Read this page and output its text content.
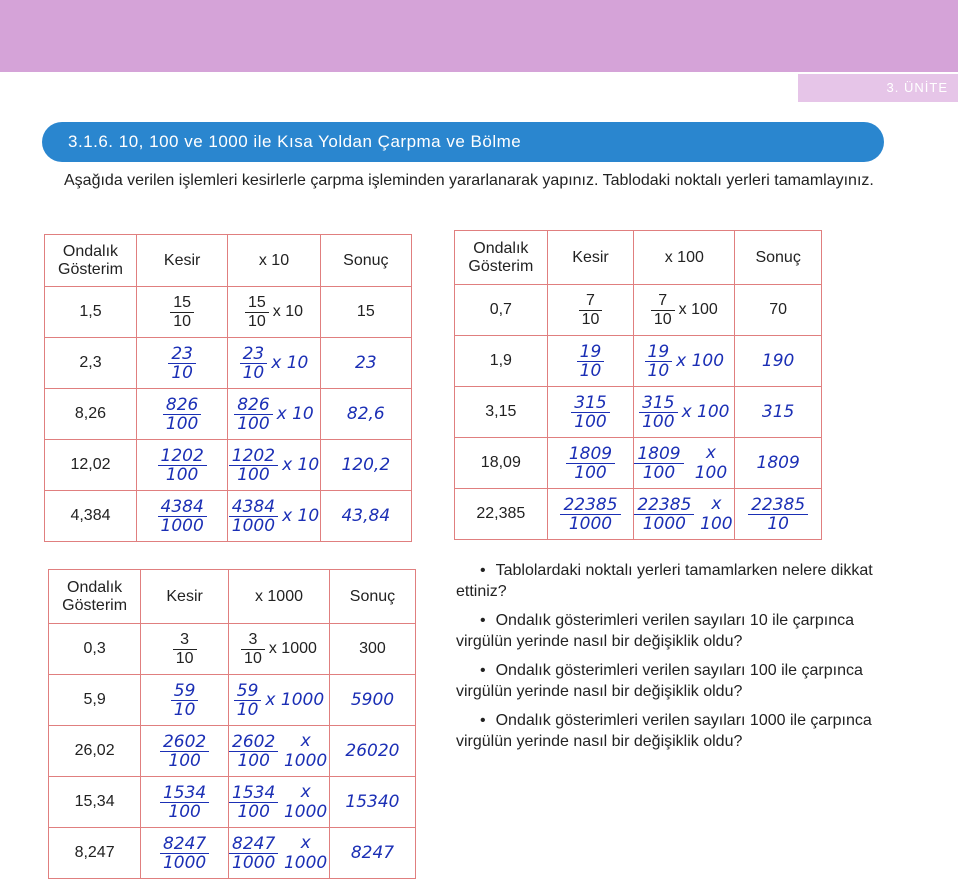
3. ÜNİTE
3.1.6. 10, 100 ve 1000 ile Kısa Yoldan Çarpma ve Bölme
Aşağıda verilen işlemleri kesirlerle çarpma işleminden yararlanarak yapınız. Tablodaki noktalı yerleri tamamlayınız.
Ondalık Gösterim	Kesir	x 10	Sonuç
1,5	$\frac{15}{10}$	$\frac{15}{10}$ x 10	15
2,3	$\frac{23}{10}$	$\frac{23}{10}$ x 10	23
8,26	$\frac{826}{100}$	$\frac{826}{100}$ x 10	82,6
12,02	$\frac{1202}{100}$	$\frac{1202}{100}$ x 10	120,2
4,384	$\frac{4384}{1000}$	$\frac{4384}{1000}$ x 10	43,84
Ondalık Gösterim	Kesir	x 100	Sonuç
0,7	$\frac{7}{10}$	$\frac{7}{10}$ x 100	70
1,9	$\frac{19}{10}$	$\frac{19}{10}$ x 100	190
3,15	$\frac{315}{100}$	$\frac{315}{100}$ x 100	315
18,09	$\frac{1809}{100}$	$\frac{1809}{100}$ x 100	1809
22,385	$\frac{22385}{1000}$	$\frac{22385}{1000}$ x 100	$\frac{22385}{10}$
Ondalık Gösterim	Kesir	x 1000	Sonuç
0,3	$\frac{3}{10}$	$\frac{3}{10}$ x 1000	300
5,9	$\frac{59}{10}$	$\frac{59}{10}$ x 1000	5900
26,02	$\frac{2602}{100}$	$\frac{2602}{100}$ x 1000	26020
15,34	$\frac{1534}{100}$	$\frac{1534}{100}$ x 1000	15340
8,247	$\frac{8247}{1000}$	$\frac{8247}{1000}$ x 1000	8247

• Tablolardaki noktalı yerleri tamamlarken nelere dikkat ettiniz?

• Ondalık gösterimleri verilen sayıları 10 ile çarpınca virgülün yerinde nasıl bir değişiklik oldu?

• Ondalık gösterimleri verilen sayıları 100 ile çarpınca virgülün yerinde nasıl bir değişiklik oldu?

• Ondalık gösterimleri verilen sayıları 1000 ile çarpınca virgülün yerinde nasıl bir değişiklik oldu?
